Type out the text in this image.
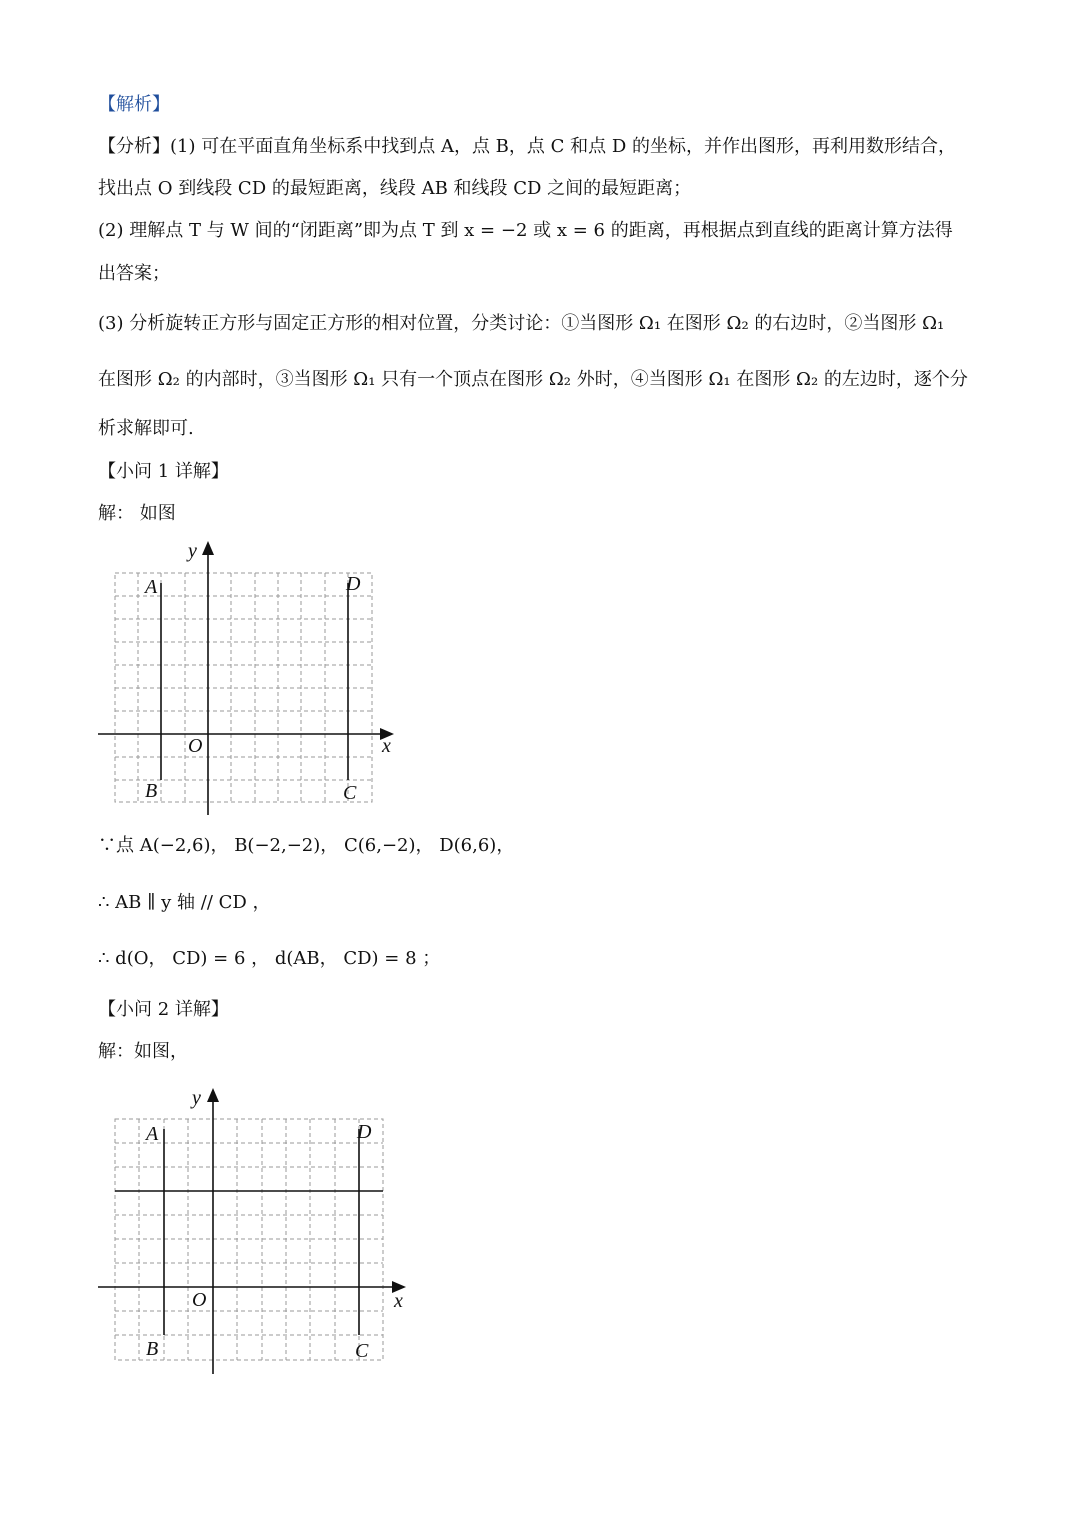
【解析】
【分析】(1) 可在平面直角坐标系中找到点 A，点 B，点 C 和点 D 的坐标，并作出图形，再利用数形结合，
找出点 O 到线段 CD 的最短距离，线段 AB 和线段 CD 之间的最短距离；
(2) 理解点 T 与 W 间的“闭距离”即为点 T 到 x = −2 或 x = 6 的距离，再根据点到直线的距离计算方法得
出答案；
(3) 分析旋转正方形与固定正方形的相对位置，分类讨论：①当图形 Ω₁ 在图形 Ω₂ 的右边时，②当图形 Ω₁
在图形 Ω₂ 的内部时，③当图形 Ω₁ 只有一个顶点在图形 Ω₂ 外时，④当图形 Ω₁ 在图形 Ω₂ 的左边时，逐个分
析求解即可.
【小问 1 详解】
解： 如图
y
x
O
A
B	C
D
∵点 A(−2,6)， B(−2,−2)， C(6,−2)， D(6,6)，
∴ AB ∥ y 轴 // CD ，
∴ d(O， CD) = 6 ， d(AB， CD) = 8 ；
【小问 2 详解】
解：如图，
y
x
O
A
B	C
D
